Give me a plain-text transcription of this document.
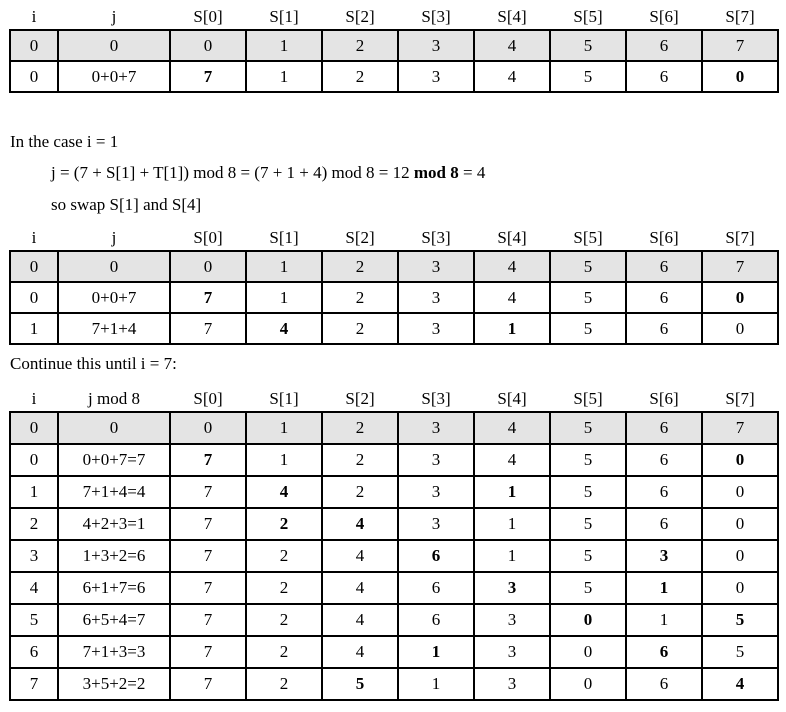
i	j	S[0]	S[1]	S[2]	S[3]	S[4]	S[5]	S[6]	S[7]
0	0	0	1	2	3	4	5	6	7
0	0+0+7	7	1	2	3	4	5	6	0
In the case i = 1
j = (7 + S[1] + T[1]) mod 8 = (7 + 1 + 4) mod 8 = 12 mod 8 = 4
so swap S[1] and S[4]
i	j	S[0]	S[1]	S[2]	S[3]	S[4]	S[5]	S[6]	S[7]
0	0	0	1	2	3	4	5	6	7
0	0+0+7	7	1	2	3	4	5	6	0
1	7+1+4	7	4	2	3	1	5	6	0
Continue this until i = 7:
i	j mod 8	S[0]	S[1]	S[2]	S[3]	S[4]	S[5]	S[6]	S[7]
0	0	0	1	2	3	4	5	6	7
0	0+0+7=7	7	1	2	3	4	5	6	0
1	7+1+4=4	7	4	2	3	1	5	6	0
2	4+2+3=1	7	2	4	3	1	5	6	0
3	1+3+2=6	7	2	4	6	1	5	3	0
4	6+1+7=6	7	2	4	6	3	5	1	0
5	6+5+4=7	7	2	4	6	3	0	1	5
6	7+1+3=3	7	2	4	1	3	0	6	5
7	3+5+2=2	7	2	5	1	3	0	6	4
